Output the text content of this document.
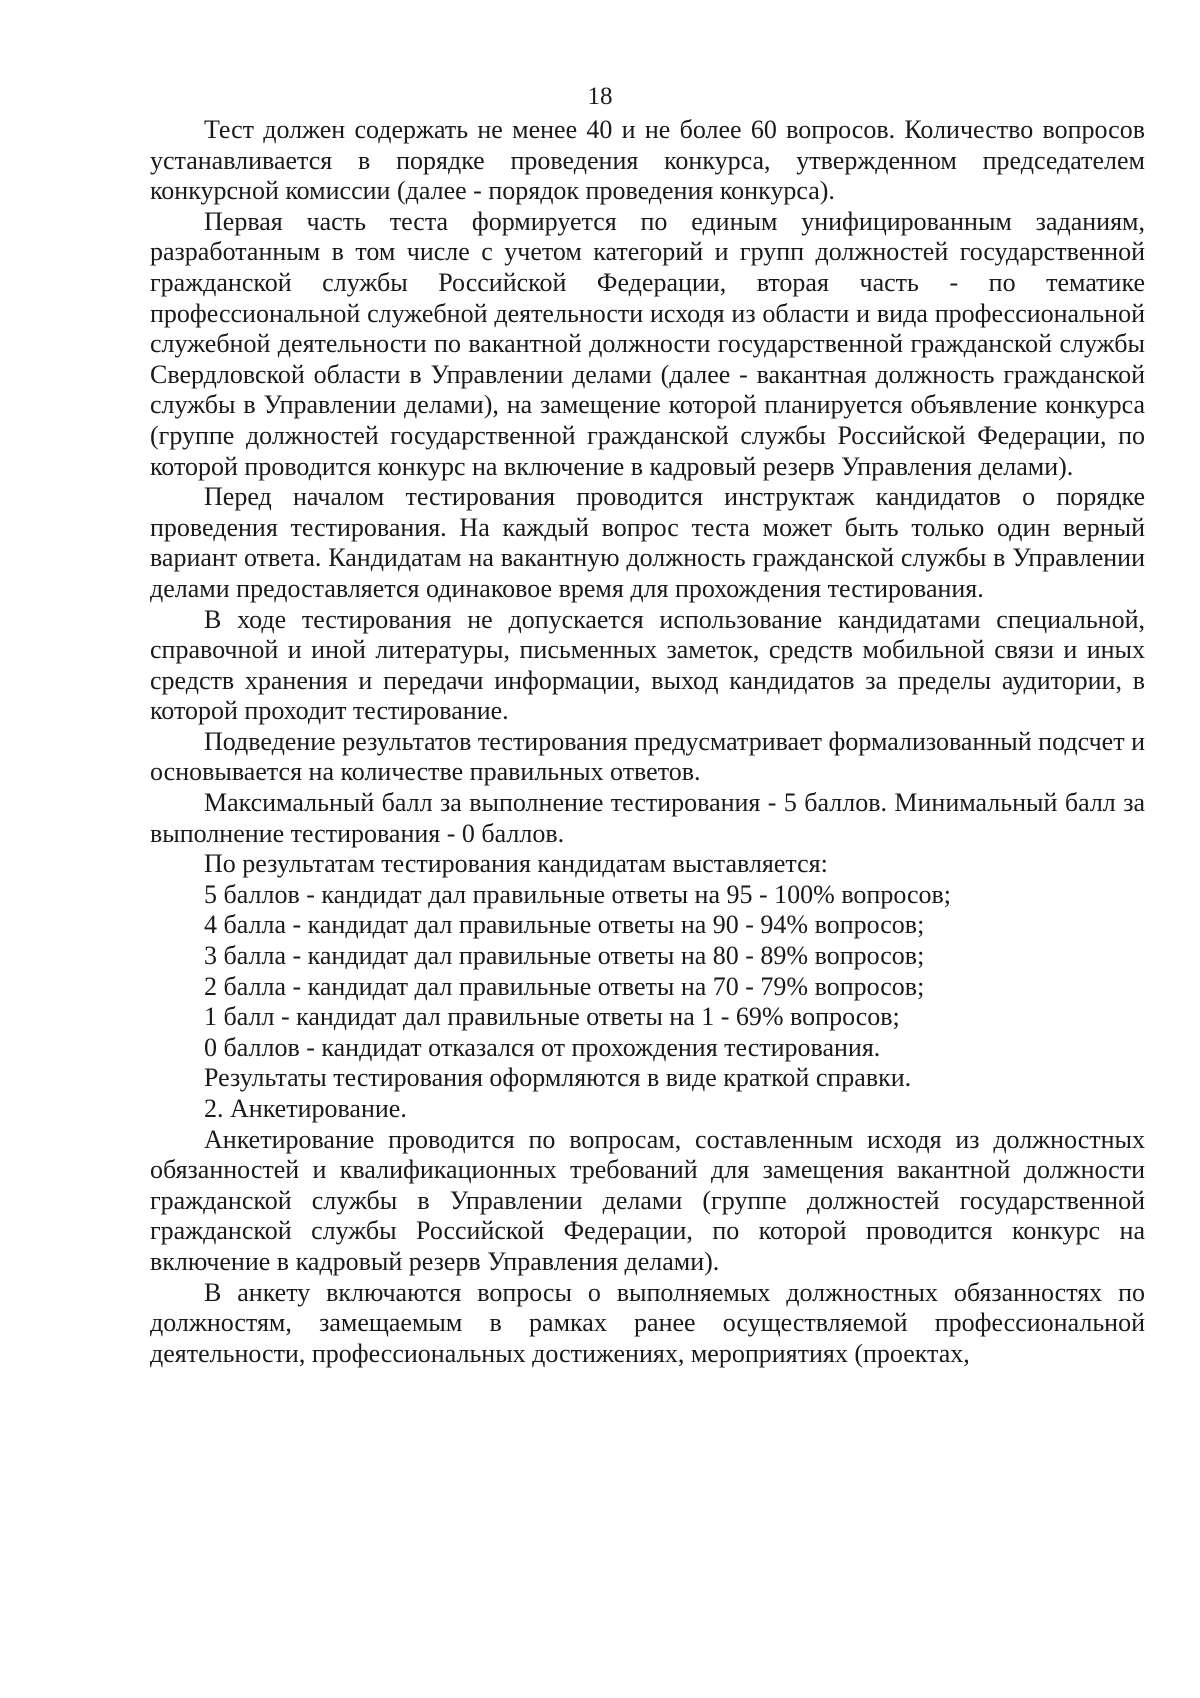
18

Тест должен содержать не менее 40 и не более 60 вопросов. Количество вопросов устанавливается в порядке проведения конкурса, утвержденном председателем конкурсной комиссии (далее - порядок проведения конкурса).

Первая часть теста формируется по единым унифицированным заданиям, разработанным в том числе с учетом категорий и групп должностей государственной гражданской службы Российской Федерации, вторая часть - по тематике профессиональной служебной деятельности исходя из области и вида профессиональной служебной деятельности по вакантной должности государственной гражданской службы Свердловской области в Управлении делами (далее - вакантная должность гражданской службы в Управлении делами), на замещение которой планируется объявление конкурса (группе должностей государственной гражданской службы Российской Федерации, по которой проводится конкурс на включение в кадровый резерв Управления делами).

Перед началом тестирования проводится инструктаж кандидатов о порядке проведения тестирования. На каждый вопрос теста может быть только один верный вариант ответа. Кандидатам на вакантную должность гражданской службы в Управлении делами предоставляется одинаковое время для прохождения тестирования.

В ходе тестирования не допускается использование кандидатами специальной, справочной и иной литературы, письменных заметок, средств мобильной связи и иных средств хранения и передачи информации, выход кандидатов за пределы аудитории, в которой проходит тестирование.

Подведение результатов тестирования предусматривает формализованный подсчет и основывается на количестве правильных ответов.

Максимальный балл за выполнение тестирования - 5 баллов. Минимальный балл за выполнение тестирования - 0 баллов.

По результатам тестирования кандидатам выставляется:

5 баллов - кандидат дал правильные ответы на 95 - 100% вопросов;

4 балла - кандидат дал правильные ответы на 90 - 94% вопросов;

3 балла - кандидат дал правильные ответы на 80 - 89% вопросов;

2 балла - кандидат дал правильные ответы на 70 - 79% вопросов;

1 балл - кандидат дал правильные ответы на 1 - 69% вопросов;

0 баллов - кандидат отказался от прохождения тестирования.

Результаты тестирования оформляются в виде краткой справки.

2. Анкетирование.

Анкетирование проводится по вопросам, составленным исходя из должностных обязанностей и квалификационных требований для замещения вакантной должности гражданской службы в Управлении делами (группе должностей государственной гражданской службы Российской Федерации, по которой проводится конкурс на включение в кадровый резерв Управления делами).

В анкету включаются вопросы о выполняемых должностных обязанностях по должностям, замещаемым в рамках ранее осуществляемой профессиональной деятельности, профессиональных достижениях, мероприятиях (проектах,
